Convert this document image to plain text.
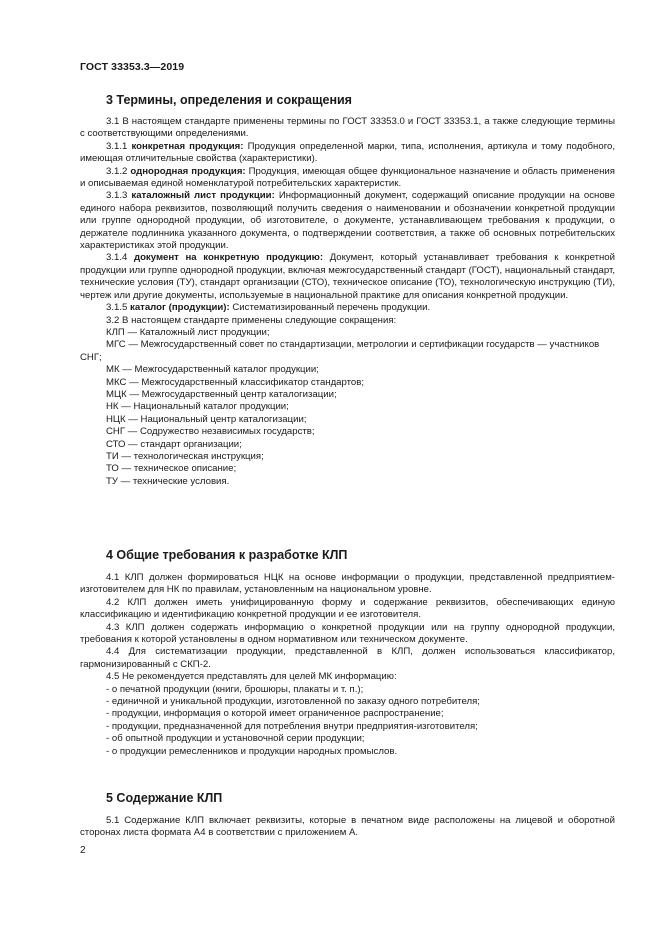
ГОСТ 33353.3—2019
3 Термины, определения и сокращения

3.1 В настоящем стандарте применены термины по ГОСТ 33353.0 и ГОСТ 33353.1, а также следующие термины с соответствующими определениями.

3.1.1 конкретная продукция: Продукция определенной марки, типа, исполнения, артикула и тому подобного, имеющая отличительные свойства (характеристики).

3.1.2 однородная продукция: Продукция, имеющая общее функциональное назначение и область применения и описываемая единой номенклатурой потребительских характеристик.

3.1.3 каталожный лист продукции: Информационный документ, содержащий описание продукции на основе единого набора реквизитов, позволяющий получить сведения о наименовании и обозначении конкретной продукции или группе однородной продукции, об изготовителе, о документе, устанавливающем требования к продукции, о держателе подлинника указанного документа, о подтверждении соответствия, а также об основных потребительских характеристиках этой продукции.

3.1.4 документ на конкретную продукцию: Документ, который устанавливает требования к конкретной продукции или группе однородной продукции, включая межгосударственный стандарт (ГОСТ), национальный стандарт, технические условия (ТУ), стандарт организации (СТО), техническое описание (ТО), технологическую инструкцию (ТИ), чертеж или другие документы, используемые в национальной практике для описания конкретной продукции.

3.1.5 каталог (продукции): Систематизированный перечень продукции.

3.2 В настоящем стандарте применены следующие сокращения:

КЛП — Каталожный лист продукции;
МГС — Межгосударственный совет по стандартизации, метрологии и сертификации государств — участников СНГ;
МК — Межгосударственный каталог продукции;
МКС — Межгосударственный классификатор стандартов;
МЦК — Межгосударственный центр каталогизации;
НК — Национальный каталог продукции;
НЦК — Национальный центр каталогизации;
СНГ — Содружество независимых государств;
СТО — стандарт организации;
ТИ — технологическая инструкция;
ТО — техническое описание;
ТУ — технические условия.
4 Общие требования к разработке КЛП

4.1 КЛП должен формироваться НЦК на основе информации о продукции, представленной предприятием-изготовителем для НК по правилам, установленным на национальном уровне.

4.2 КЛП должен иметь унифицированную форму и содержание реквизитов, обеспечивающих единую классификацию и идентификацию конкретной продукции и ее изготовителя.

4.3 КЛП должен содержать информацию о конкретной продукции или на группу однородной продукции, требования к которой установлены в одном нормативном или техническом документе.

4.4 Для систематизации продукции, представленной в КЛП, должен использоваться классификатор, гармонизированный с СКП-2.

4.5 Не рекомендуется представлять для целей МК информацию:

- о печатной продукции (книги, брошюры, плакаты и т. п.);
- единичной и уникальной продукции, изготовленной по заказу одного потребителя;
- продукции, информация о которой имеет ограниченное распространение;
- продукции, предназначенной для потребления внутри предприятия-изготовителя;
- об опытной продукции и установочной серии продукции;
- о продукции ремесленников и продукции народных промыслов.
5 Содержание КЛП

5.1 Содержание КЛП включает реквизиты, которые в печатном виде расположены на лицевой и оборотной сторонах листа формата А4 в соответствии с приложением А.

2
